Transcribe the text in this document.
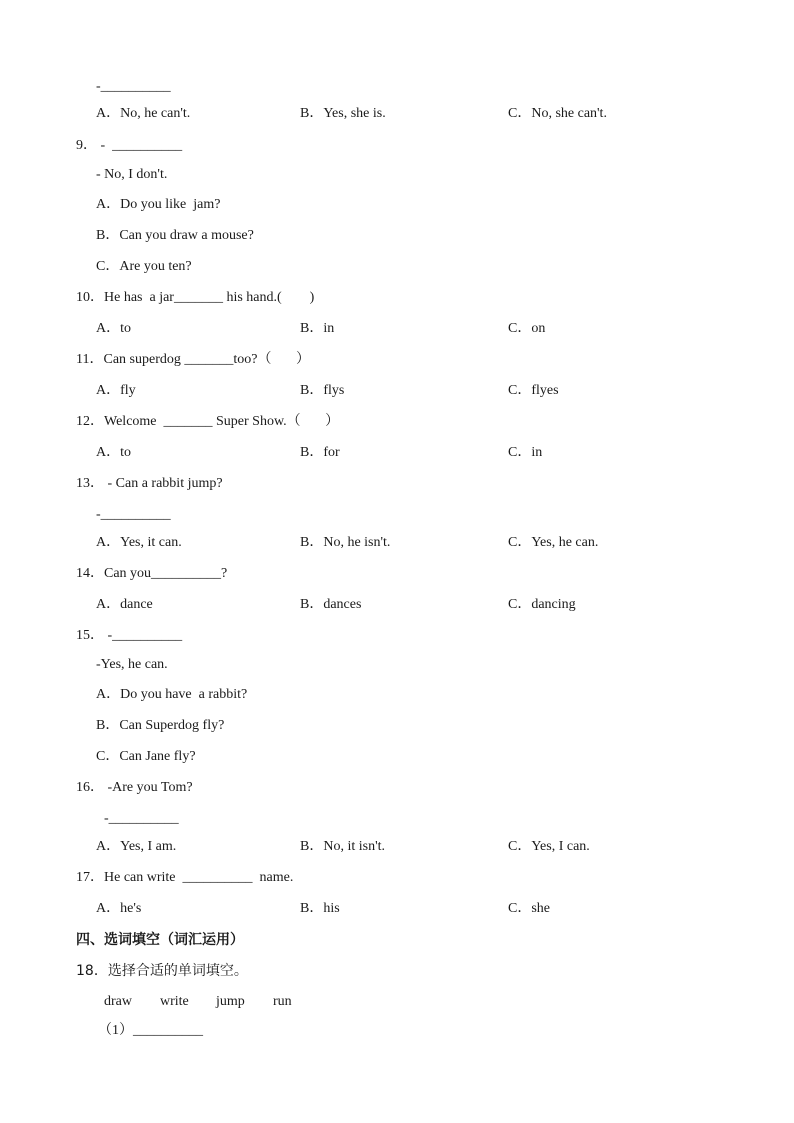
-__________
A．No, he can't.	B．Yes, she is.	C．No, she can't.
9． -  __________
- No, I don't.
A．Do you like  jam?
B．Can you draw a mouse?
C．Are you ten?
10．He has  a jar_______ his hand.(        )
A．to	B．in	C．on
11．Can superdog _______too?（       ）
A．fly	B．flys	C．flyes
12．Welcome  _______ Super Show.（       ）
A．to	B．for	C．in
13． - Can a rabbit jump?
-__________
A．Yes, it can.	B．No, he isn't.	C．Yes, he can.
14．Can you__________?
A．dance	B．dances	C．dancing
15． -__________
-Yes, he can.
A．Do you have  a rabbit?
B．Can Superdog fly?
C．Can Jane fly?
16． -Are you Tom?
-__________
A．Yes, I am.	B．No, it isn't.	C．Yes, I can.
17．He can write  __________  name.
A．he's	B．his	C．she
四、选词填空（词汇运用）
18．选择合适的单词填空。
draw write jump run
（1）__________
